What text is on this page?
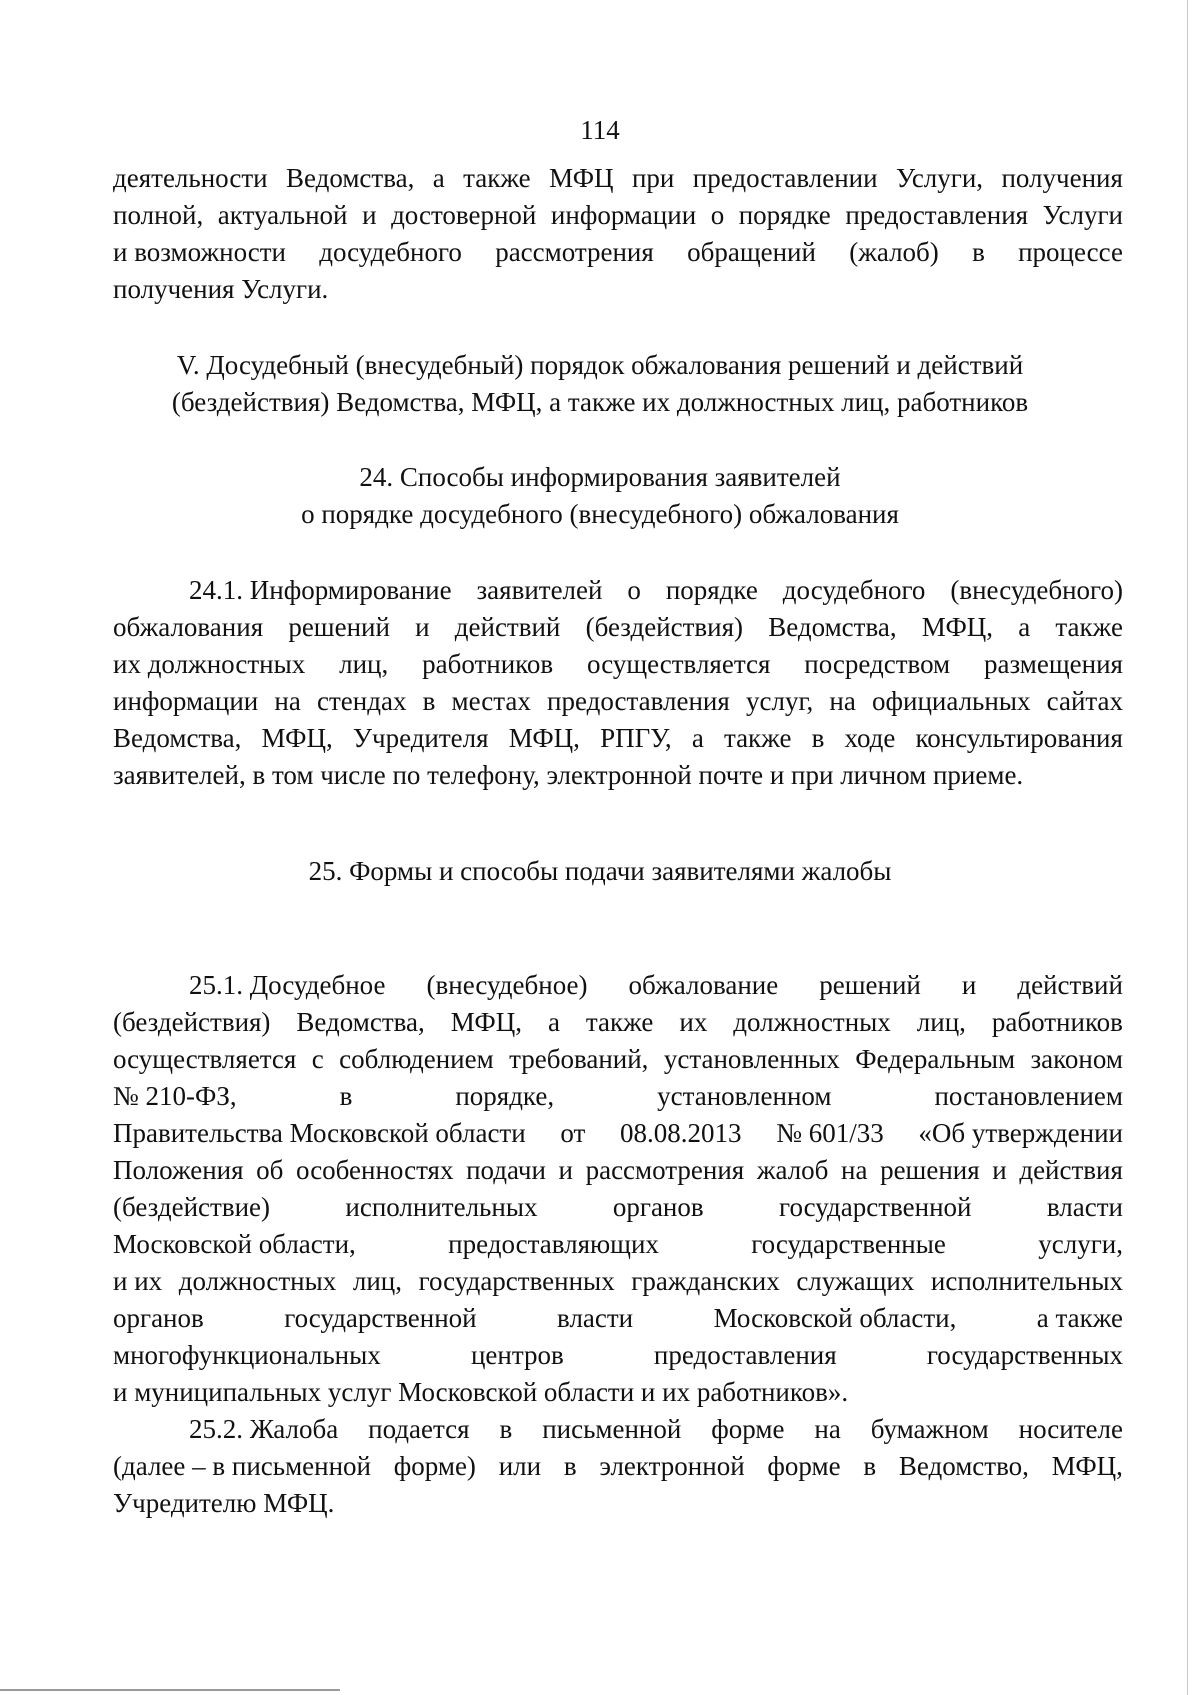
114
деятельности Ведомства, а также МФЦ при предоставлении Услуги, получения
полной, актуальной и достоверной информации о порядке предоставления Услуги
и возможности досудебного рассмотрения обращений (жалоб) в процессе
получения Услуги.
V. Досудебный (внесудебный) порядок обжалования решений и действий
(бездействия) Ведомства, МФЦ, а также их должностных лиц, работников
24. Способы информирования заявителей
о порядке досудебного (внесудебного) обжалования
24.1. Информирование заявителей о порядке досудебного (внесудебного)
обжалования решений и действий (бездействия) Ведомства, МФЦ, а также
их должностных лиц, работников осуществляется посредством размещения
информации на стендах в местах предоставления услуг, на официальных сайтах
Ведомства, МФЦ, Учредителя МФЦ, РПГУ, а также в ходе консультирования
заявителей, в том числе по телефону, электронной почте и при личном приеме.
25. Формы и способы подачи заявителями жалобы
25.1. Досудебное (внесудебное) обжалование решений и действий
(бездействия) Ведомства, МФЦ, а также их должностных лиц, работников
осуществляется с соблюдением требований, установленных Федеральным законом
№ 210-ФЗ,	в	порядке,	установленном	постановлением
Правительства Московской области от 08.08.2013 № 601/33 «Об утверждении
Положения об особенностях подачи и рассмотрения жалоб на решения и действия
(бездействие)	исполнительных	органов	государственной	власти
Московской области,	предоставляющих	государственные	услуги,
и их должностных лиц, государственных гражданских служащих исполнительных
органов	государственной	власти	Московской области,	а также
многофункциональных	центров	предоставления	государственных
и муниципальных услуг Московской области и их работников».
25.2. Жалоба подается в письменной форме на бумажном носителе
(далее – в письменной форме) или в электронной форме в Ведомство, МФЦ,
Учредителю МФЦ.
